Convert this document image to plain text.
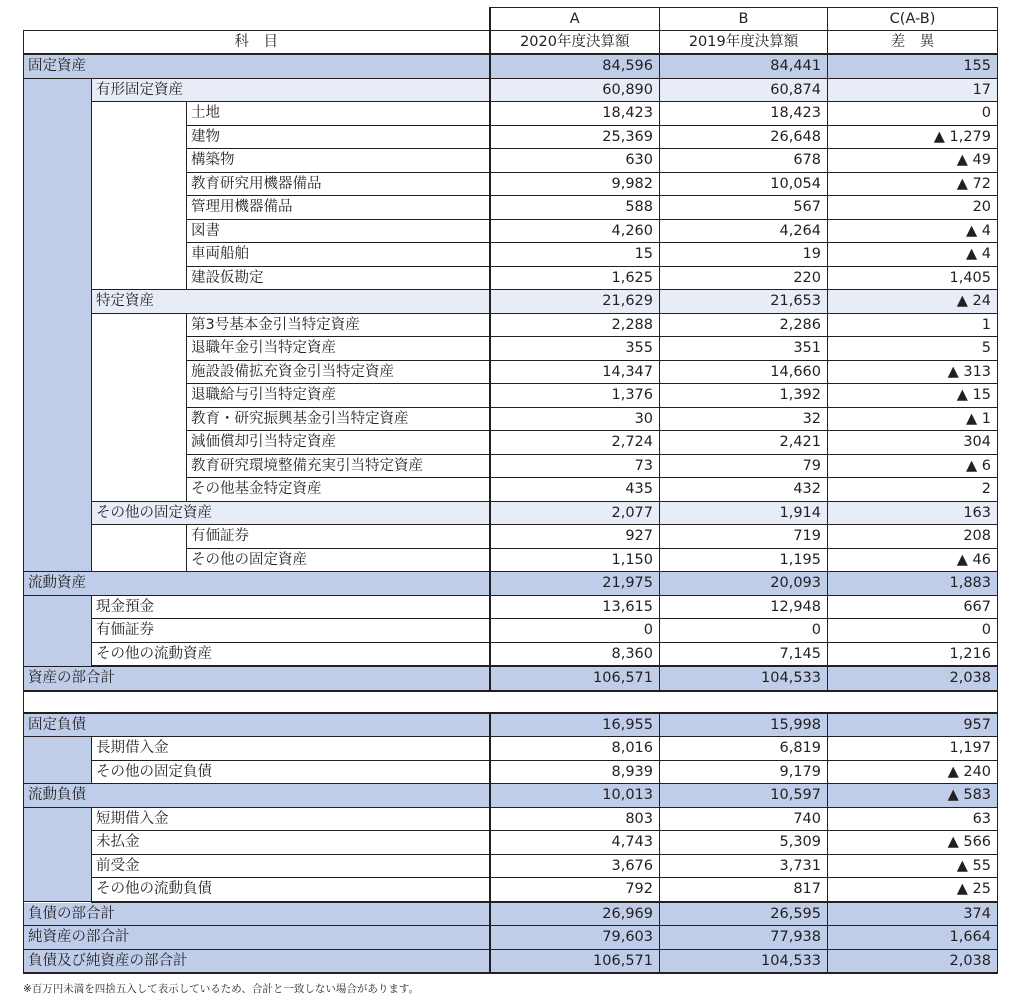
			A	B	C(A-B)
科　目			2020年度決算額	2019年度決算額	差　異
固定資産			84,596	84,441	155
	有形固定資産		60,890	60,874	17
		土地	18,423	18,423	0
		建物	25,369	26,648	▲ 1,279
		構築物	630	678	▲ 49
		教育研究用機器備品	9,982	10,054	▲ 72
		管理用機器備品	588	567	20
		図書	4,260	4,264	▲ 4
		車両船舶	15	19	▲ 4
		建設仮勘定	1,625	220	1,405
	特定資産		21,629	21,653	▲ 24
		第3号基本金引当特定資産	2,288	2,286	1
		退職年金引当特定資産	355	351	5
		施設設備拡充資金引当特定資産	14,347	14,660	▲ 313
		退職給与引当特定資産	1,376	1,392	▲ 15
		教育・研究振興基金引当特定資産	30	32	▲ 1
		減価償却引当特定資産	2,724	2,421	304
		教育研究環境整備充実引当特定資産	73	79	▲ 6
		その他基金特定資産	435	432	2
	その他の固定資産		2,077	1,914	163
		有価証券	927	719	208
		その他の固定資産	1,150	1,195	▲ 46
流動資産			21,975	20,093	1,883
	現金預金		13,615	12,948	667
	有価証券		0	0	0
	その他の流動資産		8,360	7,145	1,216
資産の部合計			106,571	104,533	2,038

固定負債			16,955	15,998	957
	長期借入金		8,016	6,819	1,197
	その他の固定負債		8,939	9,179	▲ 240
流動負債			10,013	10,597	▲ 583
	短期借入金		803	740	63
	未払金		4,743	5,309	▲ 566
	前受金		3,676	3,731	▲ 55
	その他の流動負債		792	817	▲ 25
負債の部合計			26,969	26,595	374
純資産の部合計			79,603	77,938	1,664
負債及び純資産の部合計			106,571	104,533	2,038
※百万円未満を四捨五入して表示しているため、合計と一致しない場合があります。
